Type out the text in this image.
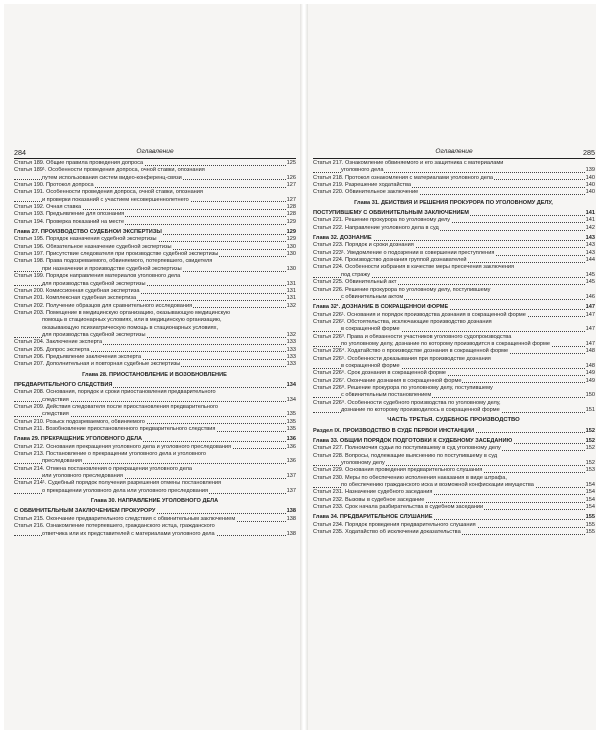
284	Оглавление	285
Оглавление
Статья 189. Общие правила проведения допроса	125
Статья 189¹. Особенности проведения допроса, очной ставки, опознания
путем использования систем видео-конференц-связи	126
Статья 190. Протокол допроса	127
Статья 191. Особенности проведения допроса, очной ставки, опознания
и проверки показаний с участием несовершеннолетнего	127
Статья 192. Очная ставка	128
Статья 193. Предъявление для опознания	128
Статья 194. Проверка показаний на месте	129
Глава 27. ПРОИЗВОДСТВО СУДЕБНОЙ ЭКСПЕРТИЗЫ	129
Статья 195. Порядок назначения судебной экспертизы	129
Статья 196. Обязательное назначение судебной экспертизы	130
Статья 197. Присутствие следователя при производстве судебной экспертизы	130
Статья 198. Права подозреваемого, обвиняемого, потерпевшего, свидетеля
при назначении и производстве судебной экспертизы	130
Статья 199. Порядок направления материалов уголовного дела
для производства судебной экспертизы	131
Статья 200. Комиссионная судебная экспертиза	131
Статья 201. Комплексная судебная экспертиза	131
Статья 202. Получение образцов для сравнительного исследования	132
Статья 203. Помещение в медицинскую организацию, оказывающую медицинскую
помощь в стационарных условиях, или в медицинскую организацию,
оказывающую психиатрическую помощь в стационарных условиях,
для производства судебной экспертизы	132
Статья 204. Заключение эксперта	133
Статья 205. Допрос эксперта	133
Статья 206. Предъявление заключения эксперта	133
Статья 207. Дополнительная и повторная судебные экспертизы	133
Глава 28. ПРИОСТАНОВЛЕНИЕ И ВОЗОБНОВЛЕНИЕ
ПРЕДВАРИТЕЛЬНОГО СЛЕДСТВИЯ	134
Статья 208. Основания, порядок и сроки приостановления предварительного
следствия	134
Статья 209. Действия следователя после приостановления предварительного
следствия	135
Статья 210. Розыск подозреваемого, обвиняемого	135
Статья 211. Возобновление приостановленного предварительного следствия	135
Глава 29. ПРЕКРАЩЕНИЕ УГОЛОВНОГО ДЕЛА	136
Статья 212. Основания прекращения уголовного дела и уголовного преследования	136
Статья 213. Постановление о прекращении уголовного дела и уголовного
преследования	136
Статья 214. Отмена постановления о прекращении уголовного дела
или уголовного преследования	137
Статья 214¹. Судебный порядок получения разрешения отмены постановления
о прекращении уголовного дела или уголовного преследования	137
Глава 30. НАПРАВЛЕНИЕ УГОЛОВНОГО ДЕЛА
С ОБВИНИТЕЛЬНЫМ ЗАКЛЮЧЕНИЕМ ПРОКУРОРУ	138
Статья 215. Окончание предварительного следствия с обвинительным заключением	138
Статья 216. Ознакомление потерпевшего, гражданского истца, гражданского
ответчика или их представителей с материалами уголовного дела	138
Статья 217. Ознакомление обвиняемого и его защитника с материалами
уголовного дела	139
Статья 218. Протокол ознакомления с материалами уголовного дела	140
Статья 219. Разрешение ходатайства	140
Статья 220. Обвинительное заключение	140
Глава 31. ДЕЙСТВИЯ И РЕШЕНИЯ ПРОКУРОРА ПО УГОЛОВНОМУ ДЕЛУ,
ПОСТУПИВШЕМУ С ОБВИНИТЕЛЬНЫМ ЗАКЛЮЧЕНИЕМ	141
Статья 221. Решение прокурора по уголовному делу	141
Статья 222. Направление уголовного дела в суд	142
Глава 32. ДОЗНАНИЕ	143
Статья 223. Порядок и сроки дознания	143
Статья 223¹. Уведомление о подозрении в совершении преступления	143
Статья 224. Производство дознания группой дознавателей	144
Статья 224. Особенности избрания в качестве меры пресечения заключения
под стражу	145
Статья 225. Обвинительный акт	145
Статья 226. Решение прокурора по уголовному делу, поступившему
с обвинительным актом	146
Глава 32¹. ДОЗНАНИЕ В СОКРАЩЕННОЙ ФОРМЕ	147
Статья 226¹. Основания и порядок производства дознания в сокращенной форме	147
Статья 226². Обстоятельства, исключающие производство дознания
в сокращенной форме	147
Статья 226³. Права и обязанности участников уголовного судопроизводства
по уголовному делу, дознание по которому производится в сокращенной форме	147
Статья 226⁴. Ходатайство о производстве дознания в сокращенной форме	148
Статья 226⁵. Особенности доказывания при производстве дознания
в сокращенной форме	148
Статья 226⁶. Срок дознания в сокращенной форме	149
Статья 226⁷. Окончание дознания в сокращенной форме	149
Статья 226⁸. Решение прокурора по уголовному делу, поступившему
с обвинительным постановлением	150
Статья 226⁹. Особенности судебного производства по уголовному делу,
дознание по которому производилось в сокращенной форме	151
ЧАСТЬ ТРЕТЬЯ. СУДЕБНОЕ ПРОИЗВОДСТВО
Раздел IX. ПРОИЗВОДСТВО В СУДЕ ПЕРВОЙ ИНСТАНЦИИ	152
Глава 33. ОБЩИЙ ПОРЯДОК ПОДГОТОВКИ К СУДЕБНОМУ ЗАСЕДАНИЮ	152
Статья 227. Полномочия судьи по поступившему в суд уголовному делу	152
Статья 228. Вопросы, подлежащие выяснению по поступившему в суд
уголовному делу	152
Статья 229. Основания проведения предварительного слушания	153
Статья 230. Меры по обеспечению исполнения наказания в виде штрафа,
по обеспечению гражданского иска и возможной конфискации имущества	154
Статья 231. Назначение судебного заседания	154
Статья 232. Вызовы в судебное заседание	154
Статья 233. Срок начала разбирательства в судебном заседании	154
Глава 34. ПРЕДВАРИТЕЛЬНОЕ СЛУШАНИЕ	155
Статья 234. Порядок проведения предварительного слушания	155
Статья 235. Ходатайство об исключении доказательства	155
